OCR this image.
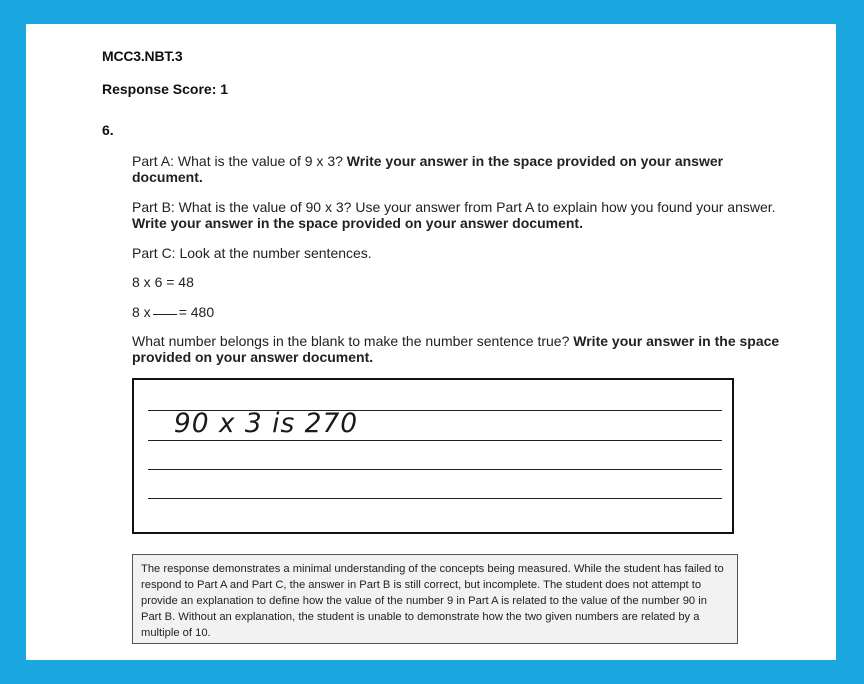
MCC3.NBT.3
Response Score: 1
6.
Part A: What is the value of 9 x 3? Write your answer in the space provided on your answer document.
Part B: What is the value of 90 x 3? Use your answer from Part A to explain how you found your answer. Write your answer in the space provided on your answer document.
Part C: Look at the number sentences.
8 x 6 = 48
8 x = 480
What number belongs in the blank to make the number sentence true? Write your answer in the space provided on your answer document.
90 x 3 is 270
The response demonstrates a minimal understanding of the concepts being measured. While the student has failed to respond to Part A and Part C, the answer in Part B is still correct, but incomplete. The student does not attempt to provide an explanation to define how the value of the number 9 in Part A is related to the value of the number 90 in Part B. Without an explanation, the student is unable to demonstrate how the two given numbers are related by a multiple of 10.
